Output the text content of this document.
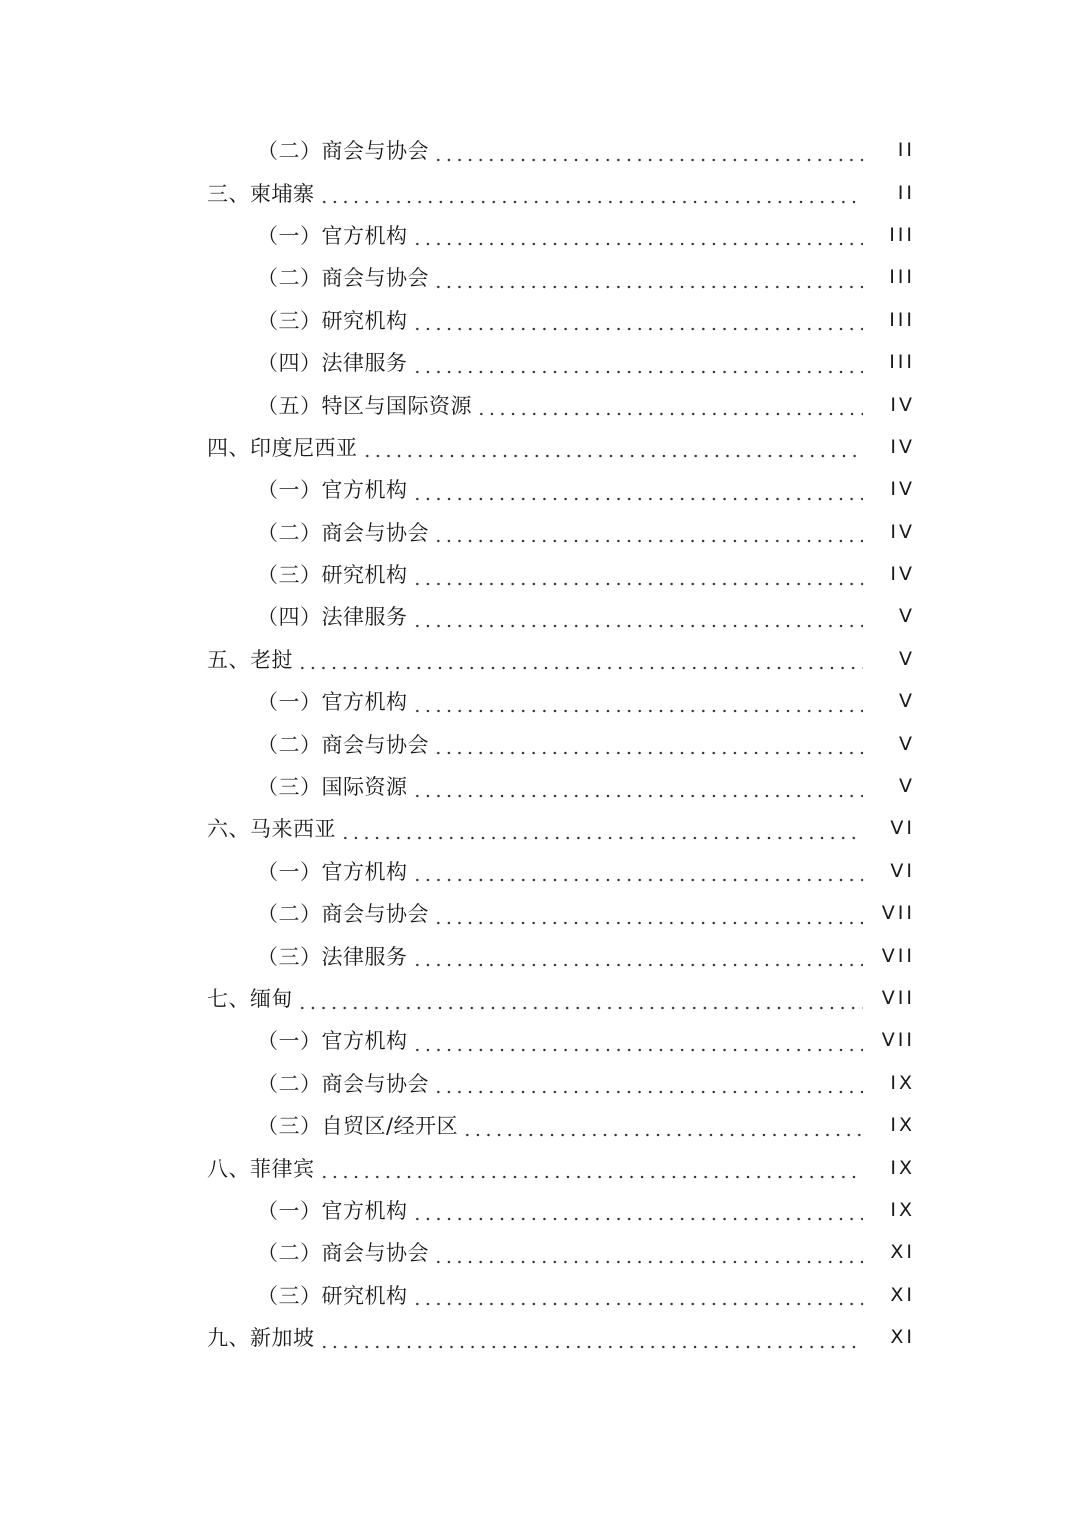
（二）商会与协会	II
三、柬埔寨	II
（一）官方机构	III
（二）商会与协会	III
（三）研究机构	III
（四）法律服务	III
（五）特区与国际资源	IV
四、印度尼西亚	IV
（一）官方机构	IV
（二）商会与协会	IV
（三）研究机构	IV
（四）法律服务	V
五、老挝	V
（一）官方机构	V
（二）商会与协会	V
（三）国际资源	V
六、马来西亚	VI
（一）官方机构	VI
（二）商会与协会	VII
（三）法律服务	VII
七、缅甸	VII
（一）官方机构	VII
（二）商会与协会	IX
（三）自贸区/经开区	IX
八、菲律宾	IX
（一）官方机构	IX
（二）商会与协会	XI
（三）研究机构	XI
九、新加坡	XI
